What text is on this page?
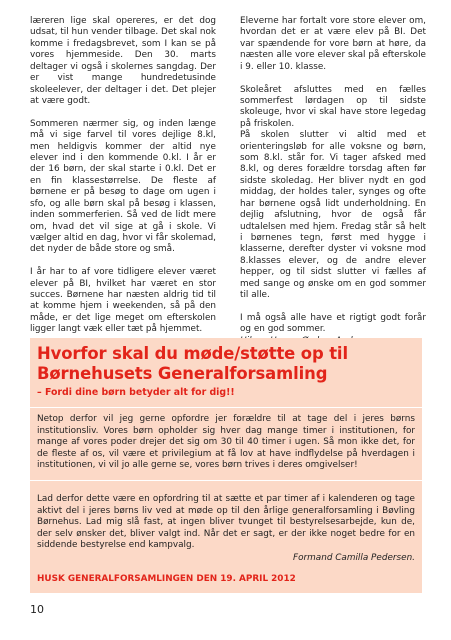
læreren lige skal opereres, er det dog udsat, til hun vender tilbage. Det skal nok komme i fredagsbrevet, som I kan se på vores hjemmeside. Den 30. marts deltager vi også i skolernes sangdag. Der er vist mange hundredetusinde skoleelever, der deltager i det. Det plejer at være godt.

Sommeren nærmer sig, og inden længe må vi sige farvel til vores dejlige 8.kl, men heldigvis kommer der altid nye elever ind i den kommende 0.kl. I år er der 16 børn, der skal starte i 0.kl. Det er en fin klassestørrelse. De fleste af børnene er på besøg to dage om ugen i sfo, og alle børn skal på besøg i klassen, inden sommerferien. Så ved de lidt mere om, hvad det vil sige at gå i skole. Vi vælger altid en dag, hvor vi får skolemad, det nyder de både store og små.

I år har to af vore tidligere elever været elever på BI, hvilket har været en stor succes. Børnene har næsten aldrig tid til at komme hjem i weekenden, så på den måde, er det lige meget om efterskolen ligger langt væk eller tæt på hjemmet.

Eleverne har fortalt vore store elever om, hvordan det er at være elev på BI. Det var spændende for vore børn at høre, da næsten alle vore elever skal på efterskole i 9. eller 10. klasse.

Skoleåret afsluttes med en fælles sommerfest lørdagen op til sidste skoleuge, hvor vi skal have store legedag på friskolen.

På skolen slutter vi altid med et orienteringsløb for alle voksne og børn, som 8.kl. står for. Vi tager afsked med 8.kl, og deres forældre torsdag aften før sidste skoledag. Her bliver nydt en god middag, der holdes taler, synges og ofte har børnene også lidt underholdning. En dejlig afslutning, hvor de også får udtalelsen med hjem. Fredag står så helt i børnenes tegn, først med hygge i klasserne, derefter dyster vi voksne mod 8.klasses elever, og de andre elever hepper, og til sidst slutter vi fælles af med sange og ønske om en god sommer til alle.

I må også alle have et rigtigt godt forår og en god sommer.

Hvorfor skal du møde/støtte op til Børnehusets Generalforsamling

– Fordi dine børn betyder alt for dig!!

Netop derfor vil jeg gerne opfordre jer forældre til at tage del i jeres børns institutionsliv. Vores børn opholder sig hver dag mange timer i institutionen, for mange af vores poder drejer det sig om 30 til 40 timer i ugen. Så mon ikke det, for de fleste af os, vil være et privilegium at få lov at have indflydelse på hverdagen i institutionen, vi vil jo alle gerne se, vores børn trives i deres omgivelser!

Lad derfor dette være en opfordring til at sætte et par timer af i kalenderen og tage aktivt del i jeres børns liv ved at møde op til den årlige generalforsamling i Bøvling Børnehus. Lad mig slå fast, at ingen bliver tvunget til bestyrelsesarbejde, kun de, der selv ønsker det, bliver valgt ind. Når det er sagt, er der ikke noget bedre for en siddende bestyrelse end kampvalg.

Formand Camilla Pedersen.

HUSK GENERALFORSAMLINGEN DEN 19. APRIL 2012

10
